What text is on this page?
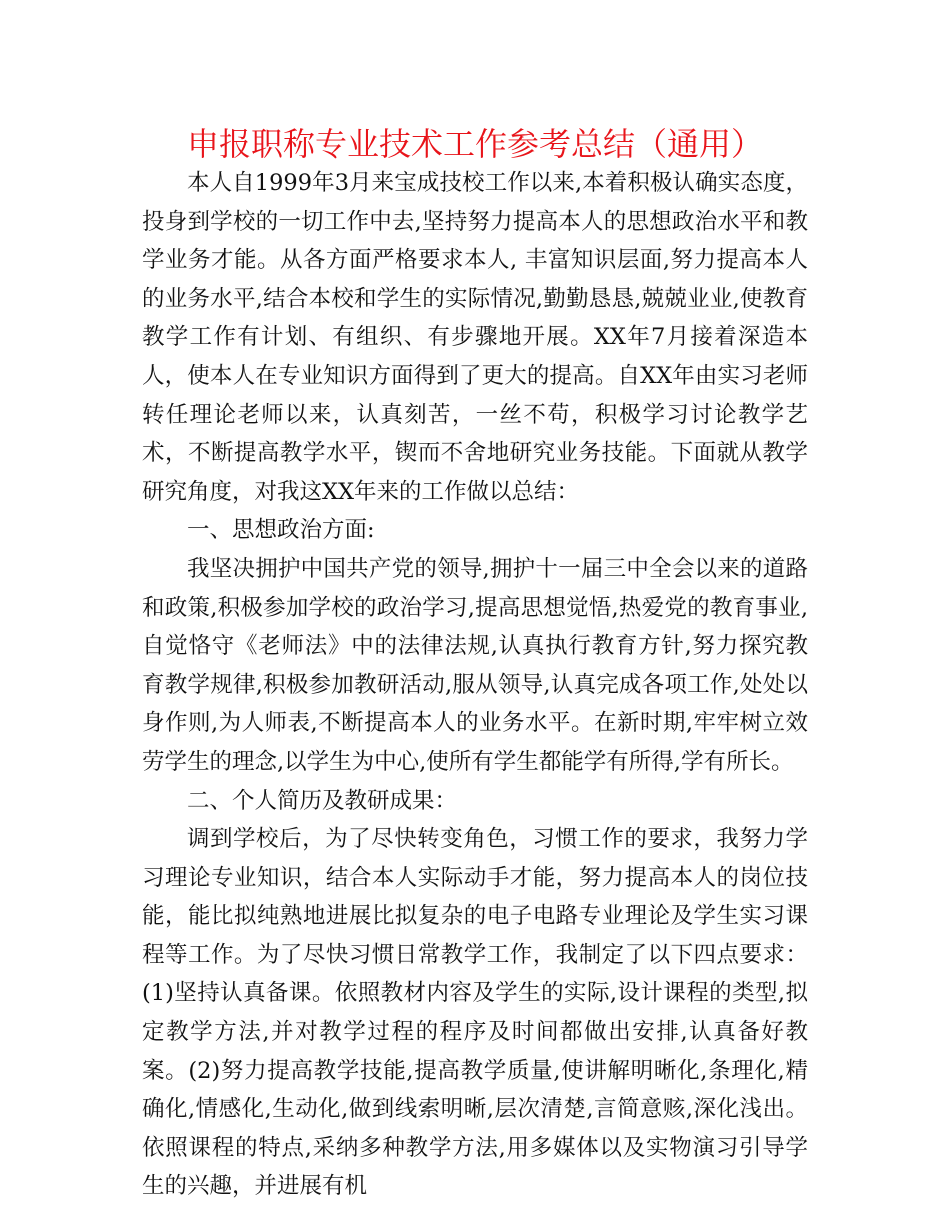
申报职称专业技术工作参考总结（通用）

本人自1999年3月来宝成技校工作以来,本着积极认确实态度，投身到学校的一切工作中去,坚持努力提高本人的思想政治水平和教学业务才能。从各方面严格要求本人, 丰富知识层面,努力提高本人的业务水平,结合本校和学生的实际情况,勤勤恳恳,兢兢业业,使教育教学工作有计划、有组织、有步骤地开展。XX年7月接着深造本人，使本人在专业知识方面得到了更大的提高。自XX年由实习老师转任理论老师以来，认真刻苦，一丝不苟，积极学习讨论教学艺术，不断提高教学水平，锲而不舍地研究业务技能。下面就从教学研究角度，对我这XX年来的工作做以总结：

一、思想政治方面:

我坚决拥护中国共产党的领导,拥护十一届三中全会以来的道路和政策,积极参加学校的政治学习,提高思想觉悟,热爱党的教育事业,自觉恪守《老师法》中的法律法规,认真执行教育方针,努力探究教育教学规律,积极参加教研活动,服从领导,认真完成各项工作,处处以身作则,为人师表,不断提高本人的业务水平。在新时期,牢牢树立效劳学生的理念,以学生为中心,使所有学生都能学有所得,学有所长。

二、个人简历及教研成果：

调到学校后，为了尽快转变角色，习惯工作的要求，我努力学习理论专业知识，结合本人实际动手才能，努力提高本人的岗位技能，能比拟纯熟地进展比拟复杂的电子电路专业理论及学生实习课程等工作。为了尽快习惯日常教学工作，我制定了以下四点要求：(1)坚持认真备课。依照教材内容及学生的实际,设计课程的类型,拟定教学方法,并对教学过程的程序及时间都做出安排,认真备好教案。(2)努力提高教学技能,提高教学质量,使讲解明晰化,条理化,精确化,情感化,生动化,做到线索明晰,层次清楚,言简意赅,深化浅出。依照课程的特点,采纳多种教学方法,用多媒体以及实物演习引导学生的兴趣，并进展有机
